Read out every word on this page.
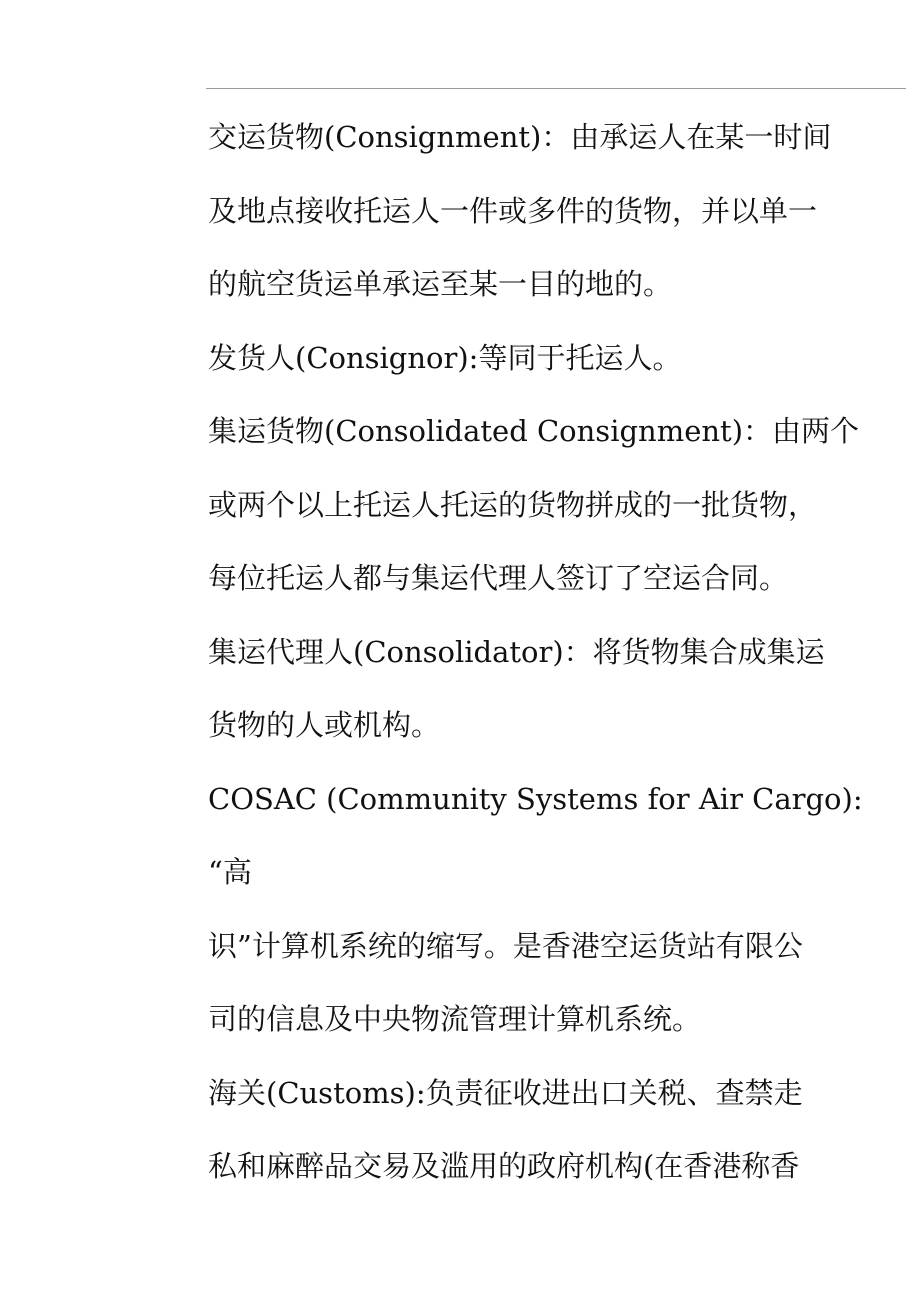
交运货物(Consignment)：由承运人在某一时间
及地点接收托运人一件或多件的货物，并以单一
的航空货运单承运至某一目的地的。
发货人(Consignor):等同于托运人。
集运货物(Consolidated Consignment)：由两个
或两个以上托运人托运的货物拼成的一批货物，
每位托运人都与集运代理人签订了空运合同。
集运代理人(Consolidator)：将货物集合成集运
货物的人或机构。
COSAC (Community Systems for Air Cargo):
“高
识”计算机系统的缩写。是香港空运货站有限公
司的信息及中央物流管理计算机系统。
海关(Customs):负责征收进出口关税、查禁走
私和麻醉品交易及滥用的政府机构(在香港称香
